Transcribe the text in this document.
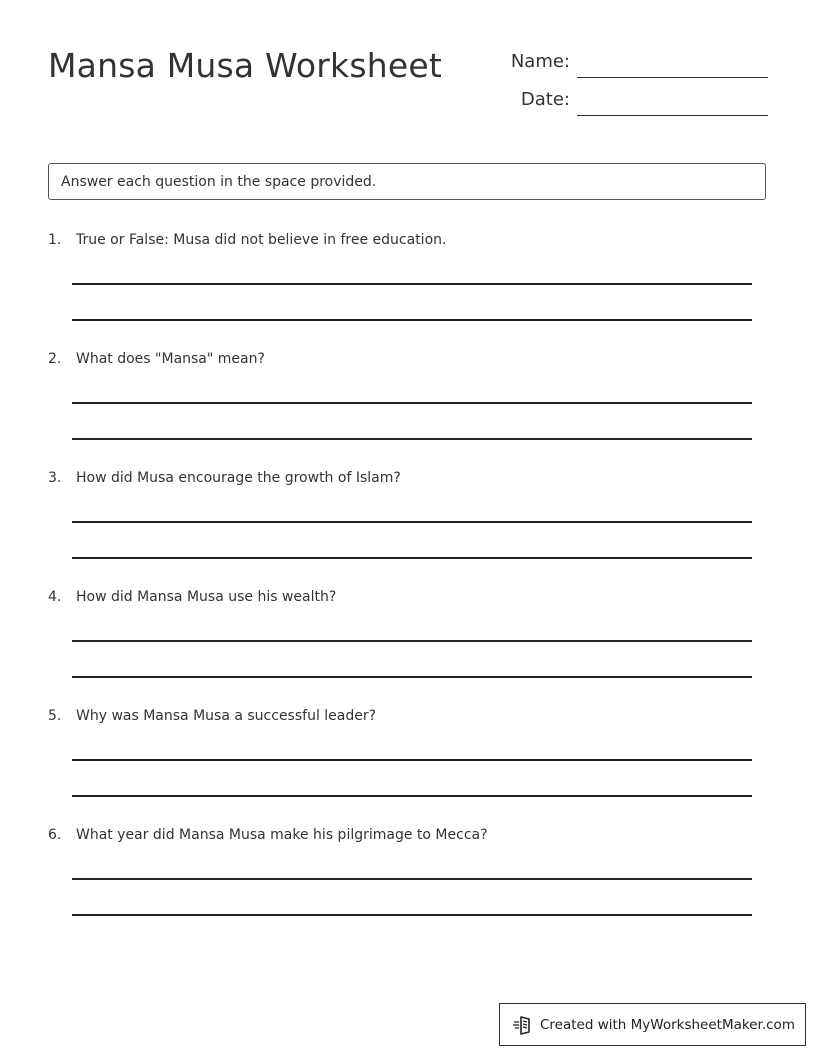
Mansa Musa Worksheet	Name:
Date:
Answer each question in the space provided.
1. True or False: Musa did not believe in free education.
2. What does "Mansa" mean?
3. How did Musa encourage the growth of Islam?
4. How did Mansa Musa use his wealth?
5. Why was Mansa Musa a successful leader?
6. What year did Mansa Musa make his pilgrimage to Mecca?
Created with MyWorksheetMaker.com
